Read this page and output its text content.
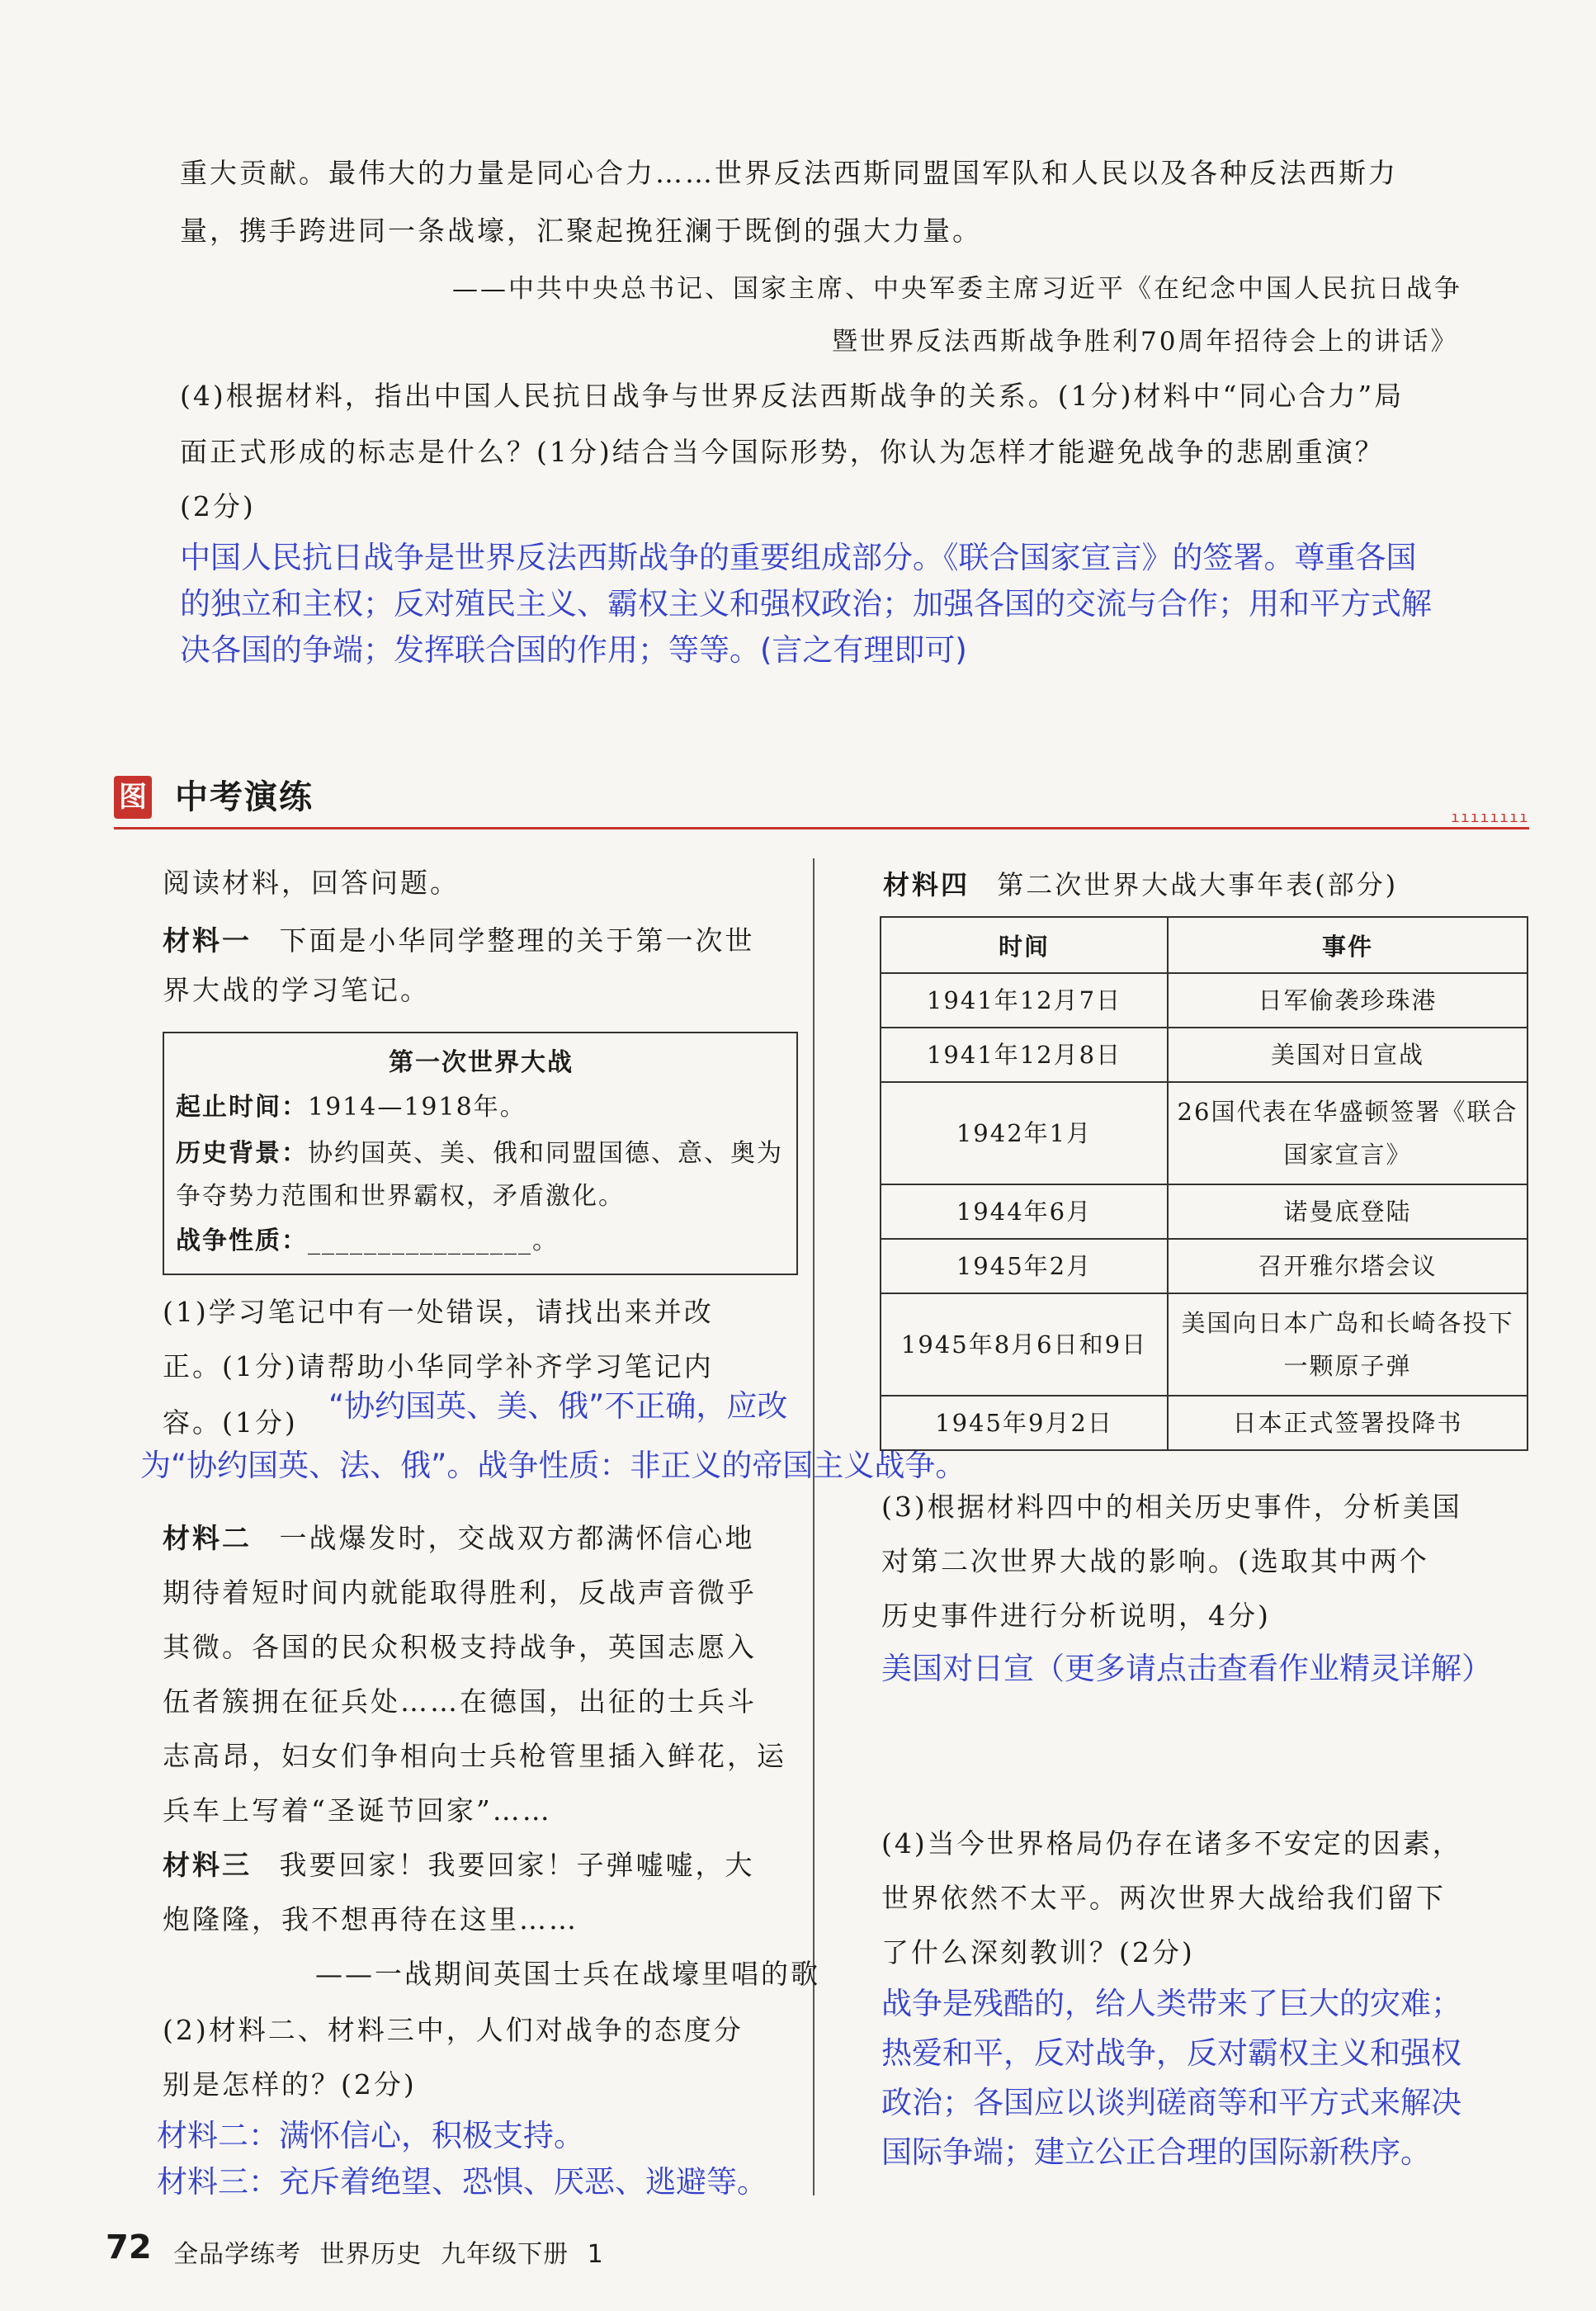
重大贡献。最伟大的力量是同心合力……世界反法西斯同盟国军队和人民以及各种反法西斯力
量，携手跨进同一条战壕，汇聚起挽狂澜于既倒的强大力量。
——中共中央总书记、国家主席、中央军委主席习近平《在纪念中国人民抗日战争
暨世界反法西斯战争胜利70周年招待会上的讲话》
(4)根据材料，指出中国人民抗日战争与世界反法西斯战争的关系。(1分)材料中“同心合力”局
面正式形成的标志是什么？(1分)结合当今国际形势，你认为怎样才能避免战争的悲剧重演？
(2分)
中国人民抗日战争是世界反法西斯战争的重要组成部分。《联合国家宣言》的签署。尊重各国
的独立和主权；反对殖民主义、霸权主义和强权政治；加强各国的交流与合作；用和平方式解
决各国的争端；发挥联合国的作用；等等。(言之有理即可)
图 中考演练
ıııııııı
阅读材料，回答问题。
材料一 下面是小华同学整理的关于第一次世
界大战的学习笔记。
第一次世界大战
起止时间：1914—1918年。
历史背景：协约国英、美、俄和同盟国德、意、奥为
争夺势力范围和世界霸权，矛盾激化。
战争性质：________________。
(1)学习笔记中有一处错误，请找出来并改
正。(1分)请帮助小华同学补齐学习笔记内
容。(1分) “协约国英、美、俄”不正确，应改
为“协约国英、法、俄”。战争性质：非正义的帝国主义战争。
材料二 一战爆发时，交战双方都满怀信心地
期待着短时间内就能取得胜利，反战声音微乎
其微。各国的民众积极支持战争，英国志愿入
伍者簇拥在征兵处……在德国，出征的士兵斗
志高昂，妇女们争相向士兵枪管里插入鲜花，运
兵车上写着“圣诞节回家”……
材料三 我要回家！我要回家！子弹嘘嘘，大
炮隆隆，我不想再待在这里……
——一战期间英国士兵在战壕里唱的歌
(2)材料二、材料三中，人们对战争的态度分
别是怎样的？(2分)
材料二：满怀信心，积极支持。
材料三：充斥着绝望、恐惧、厌恶、逃避等。
材料四 第二次世界大战大事年表(部分)
时间	事件
1941年12月7日	日军偷袭珍珠港
1941年12月8日	美国对日宣战
1942年1月	26国代表在华盛顿签署《联合国家宣言》
1944年6月	诺曼底登陆
1945年2月	召开雅尔塔会议
1945年8月6日和9日	美国向日本广岛和长崎各投下一颗原子弹
1945年9月2日	日本正式签署投降书
(3)根据材料四中的相关历史事件，分析美国
对第二次世界大战的影响。(选取其中两个
历史事件进行分析说明，4分)
美国对日宣（更多请点击查看作业精灵详解）
(4)当今世界格局仍存在诸多不安定的因素，
世界依然不太平。两次世界大战给我们留下
了什么深刻教训？(2分)
战争是残酷的，给人类带来了巨大的灾难；
热爱和平，反对战争，反对霸权主义和强权
政治；各国应以谈判磋商等和平方式来解决
国际争端；建立公正合理的国际新秩序。
72 全品学练考 世界历史 九年级下册 1
